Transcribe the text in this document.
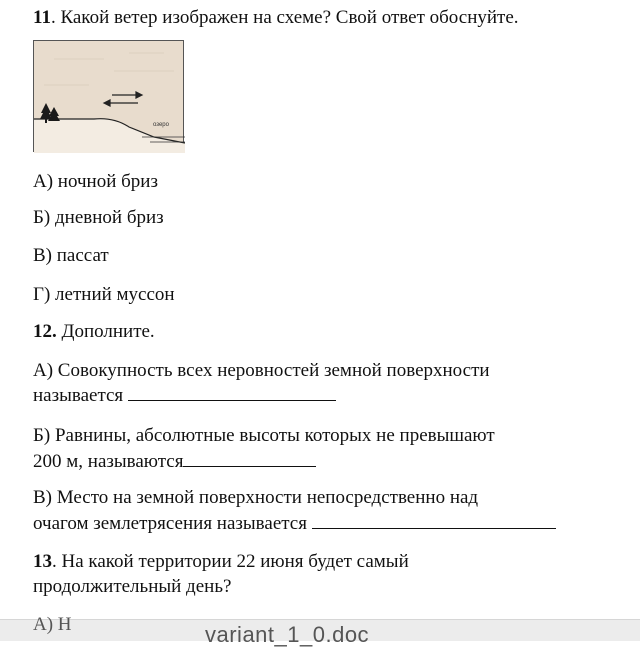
11. Какой ветер изображен на схеме? Свой ответ обоснуйте.

озеро

А) ночной бриз

Б) дневной бриз

В) пассат

Г) летний муссон

12. Дополните.

А) Совокупность всех неровностей земной поверхности

называется

Б) Равнины, абсолютные высоты которых не превышают

200 м, называются

В) Место на земной поверхности непосредственно над

очагом землетрясения называется

13. На какой территории 22 июня будет самый

продолжительный день?

А) Н	variant_1_0.doc
